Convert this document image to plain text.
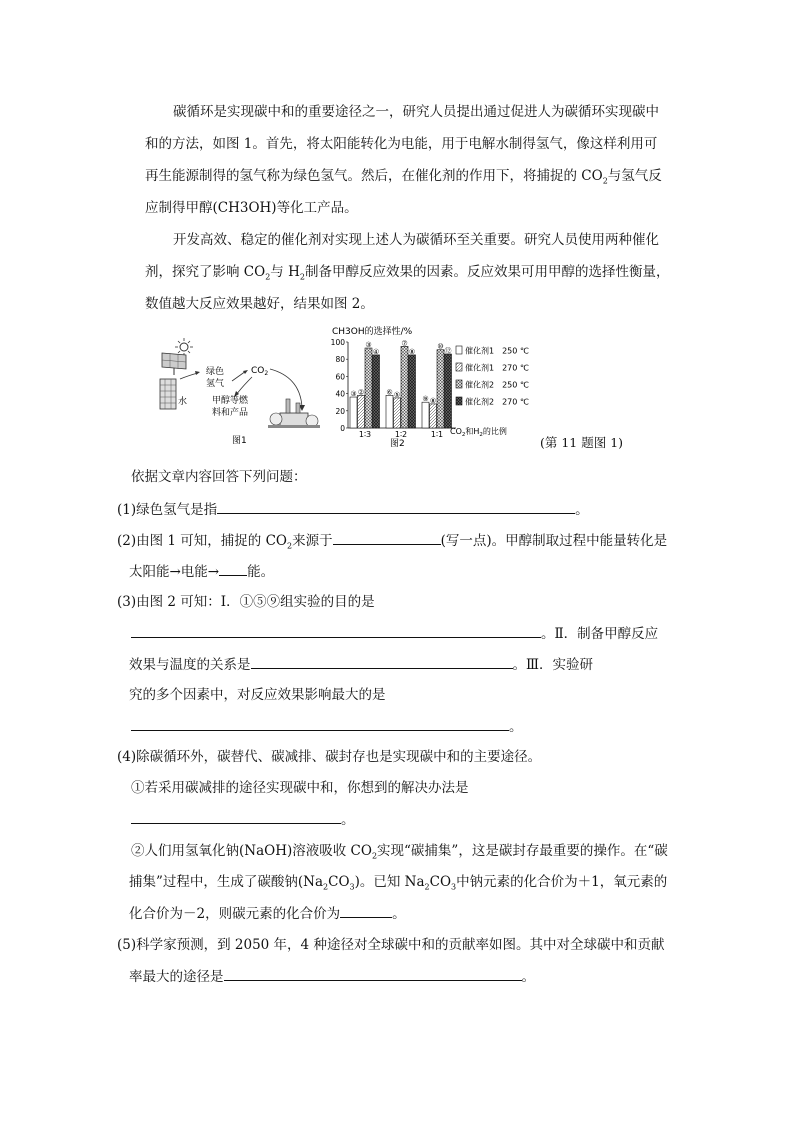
碳循环是实现碳中和的重要途径之一，研究人员提出通过促进人为碳循环实现碳中
和的方法，如图 1。首先，将太阳能转化为电能，用于电解水制得氢气，像这样利用可
再生能源制得的氢气称为绿色氢气。然后，在催化剂的作用下，将捕捉的 $CO_2$与氢气反
应制得甲醇(CH3OH)等化工产品。
开发高效、稳定的催化剂对实现上述人为碳循环至关重要。研究人员使用两种催化
剂，探究了影响 $CO_2$与 $H_2$制备甲醇反应效果的因素。反应效果可用甲醇的选择性衡量，
数值越大反应效果越好，结果如图 2。
水
绿色
氢气
$CO_2$
甲醇等燃
料和产品
图1
CH3OH的选择性/%
0
20
40
60
80
100
③ ②
③
④
⑥ ⑤
⑦
⑧
⑨ ⑧
⑩
⑫
1∶3	1∶2	1∶1 $CO_2$和$H_2$的比例
图2
催化剂1　250 ℃
催化剂1　270 ℃
催化剂2　250 ℃
催化剂2　270 ℃
(第 11 题图 1)
依据文章内容回答下列问题：
(1)绿色氢气是指	。
(2)由图 1 可知，捕捉的 $CO_2$来源于	(写一点)。甲醇制取过程中能量转化是
太阳能→电能→ 能。
(3)由图 2 可知：Ⅰ．①⑤⑨组实验的目的是
。Ⅱ．制备甲醇反应
效果与温度的关系是	。Ⅲ．实验研
究的多个因素中，对反应效果影响最大的是
。
(4)除碳循环外，碳替代、碳减排、碳封存也是实现碳中和的主要途径。
①若采用碳减排的途径实现碳中和，你想到的解决办法是
。
②人们用氢氧化钠(NaOH)溶液吸收 $CO_2$实现“碳捕集”，这是碳封存最重要的操作。在“碳
捕集”过程中，生成了碳酸钠$(Na_2CO_3)$。已知 $Na_2CO_3$中钠元素的化合价为＋1，氧元素的
化合价为－2，则碳元素的化合价为	。
(5)科学家预测，到 2050 年，4 种途径对全球碳中和的贡献率如图。其中对全球碳中和贡献
率最大的途径是	。
